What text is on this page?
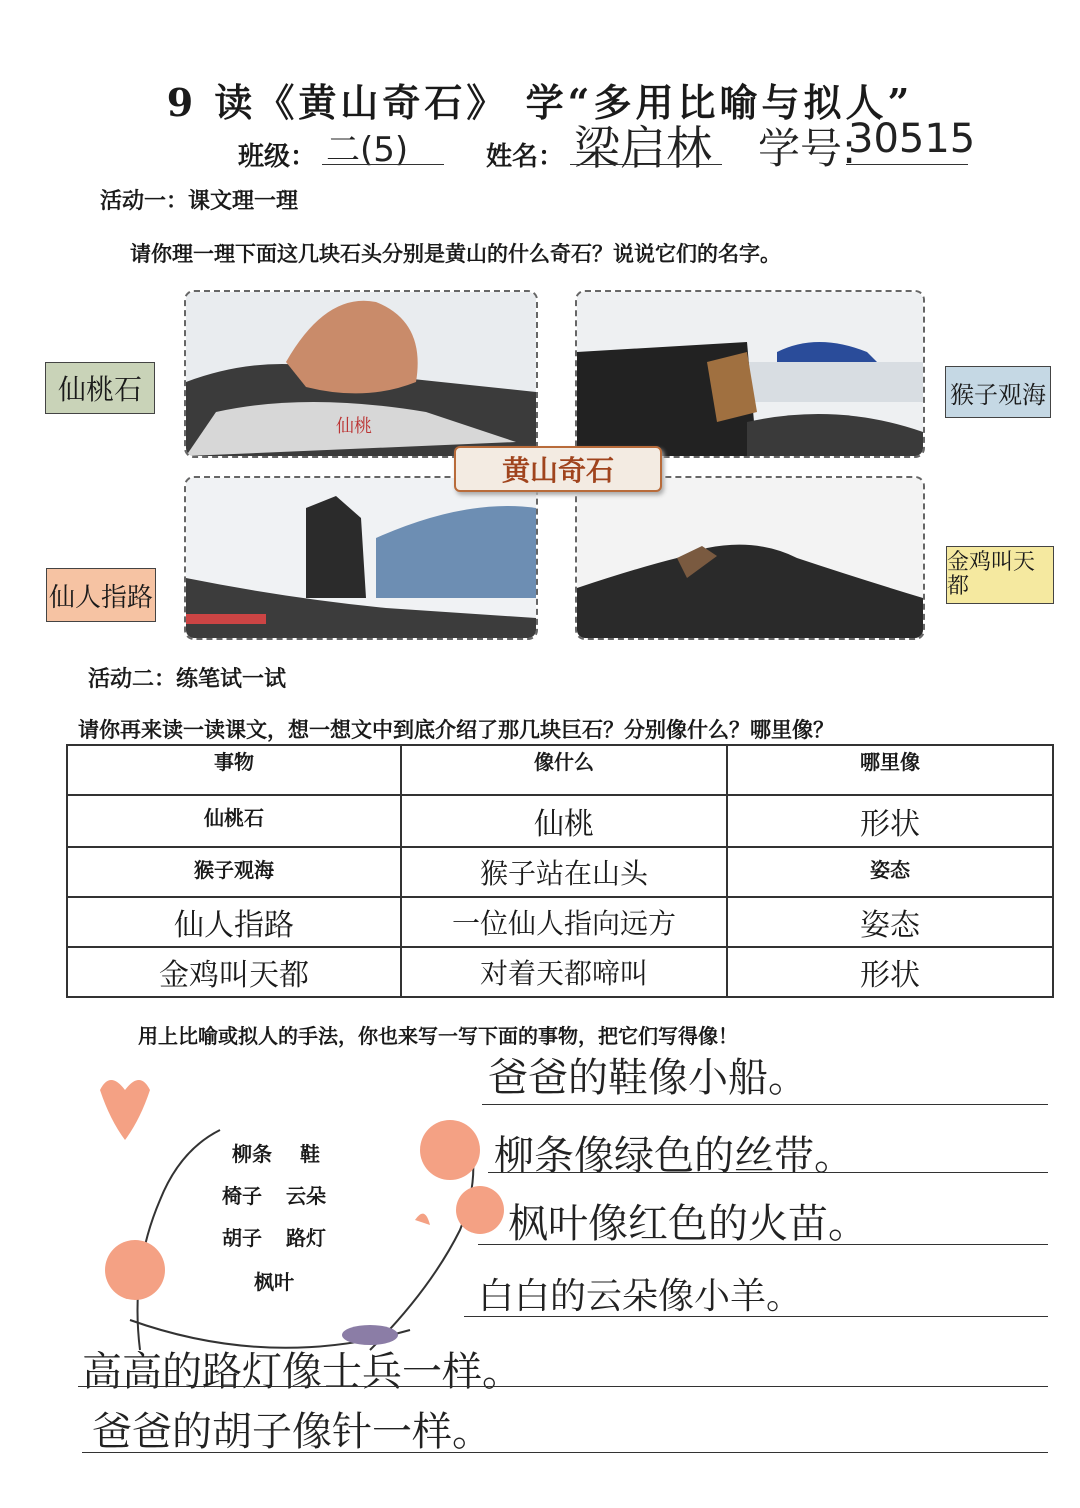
9 读《黄山奇石》 学“多用比喻与拟人”
班级： 二(5)	姓名： 梁启林 学号:
30515
活动一：课文理一理
请你理一理下面这几块石头分别是黄山的什么奇石？说说它们的名字。
仙桃
黄山奇石
仙桃石	猴子观海
仙人指路
金鸡叫天都
活动二：练笔试一试
请你再来读一读课文，想一想文中到底介绍了那几块巨石？分别像什么？哪里像？
事物	像什么	哪里像
仙桃石	仙桃	形状
猴子观海	猴子站在山头	姿态
仙人指路	一位仙人指向远方	姿态
金鸡叫天都	对着天都啼叫	形状
用上比喻或拟人的手法，你也来写一写下面的事物，把它们写得像！
柳条 鞋
椅子 云朵
胡子 路灯
枫叶
爸爸的鞋像小船。
柳条像绿色的丝带。
枫叶像红色的火苗。
白白的云朵像小羊。
高高的路灯像士兵一样。
爸爸的胡子像针一样。
